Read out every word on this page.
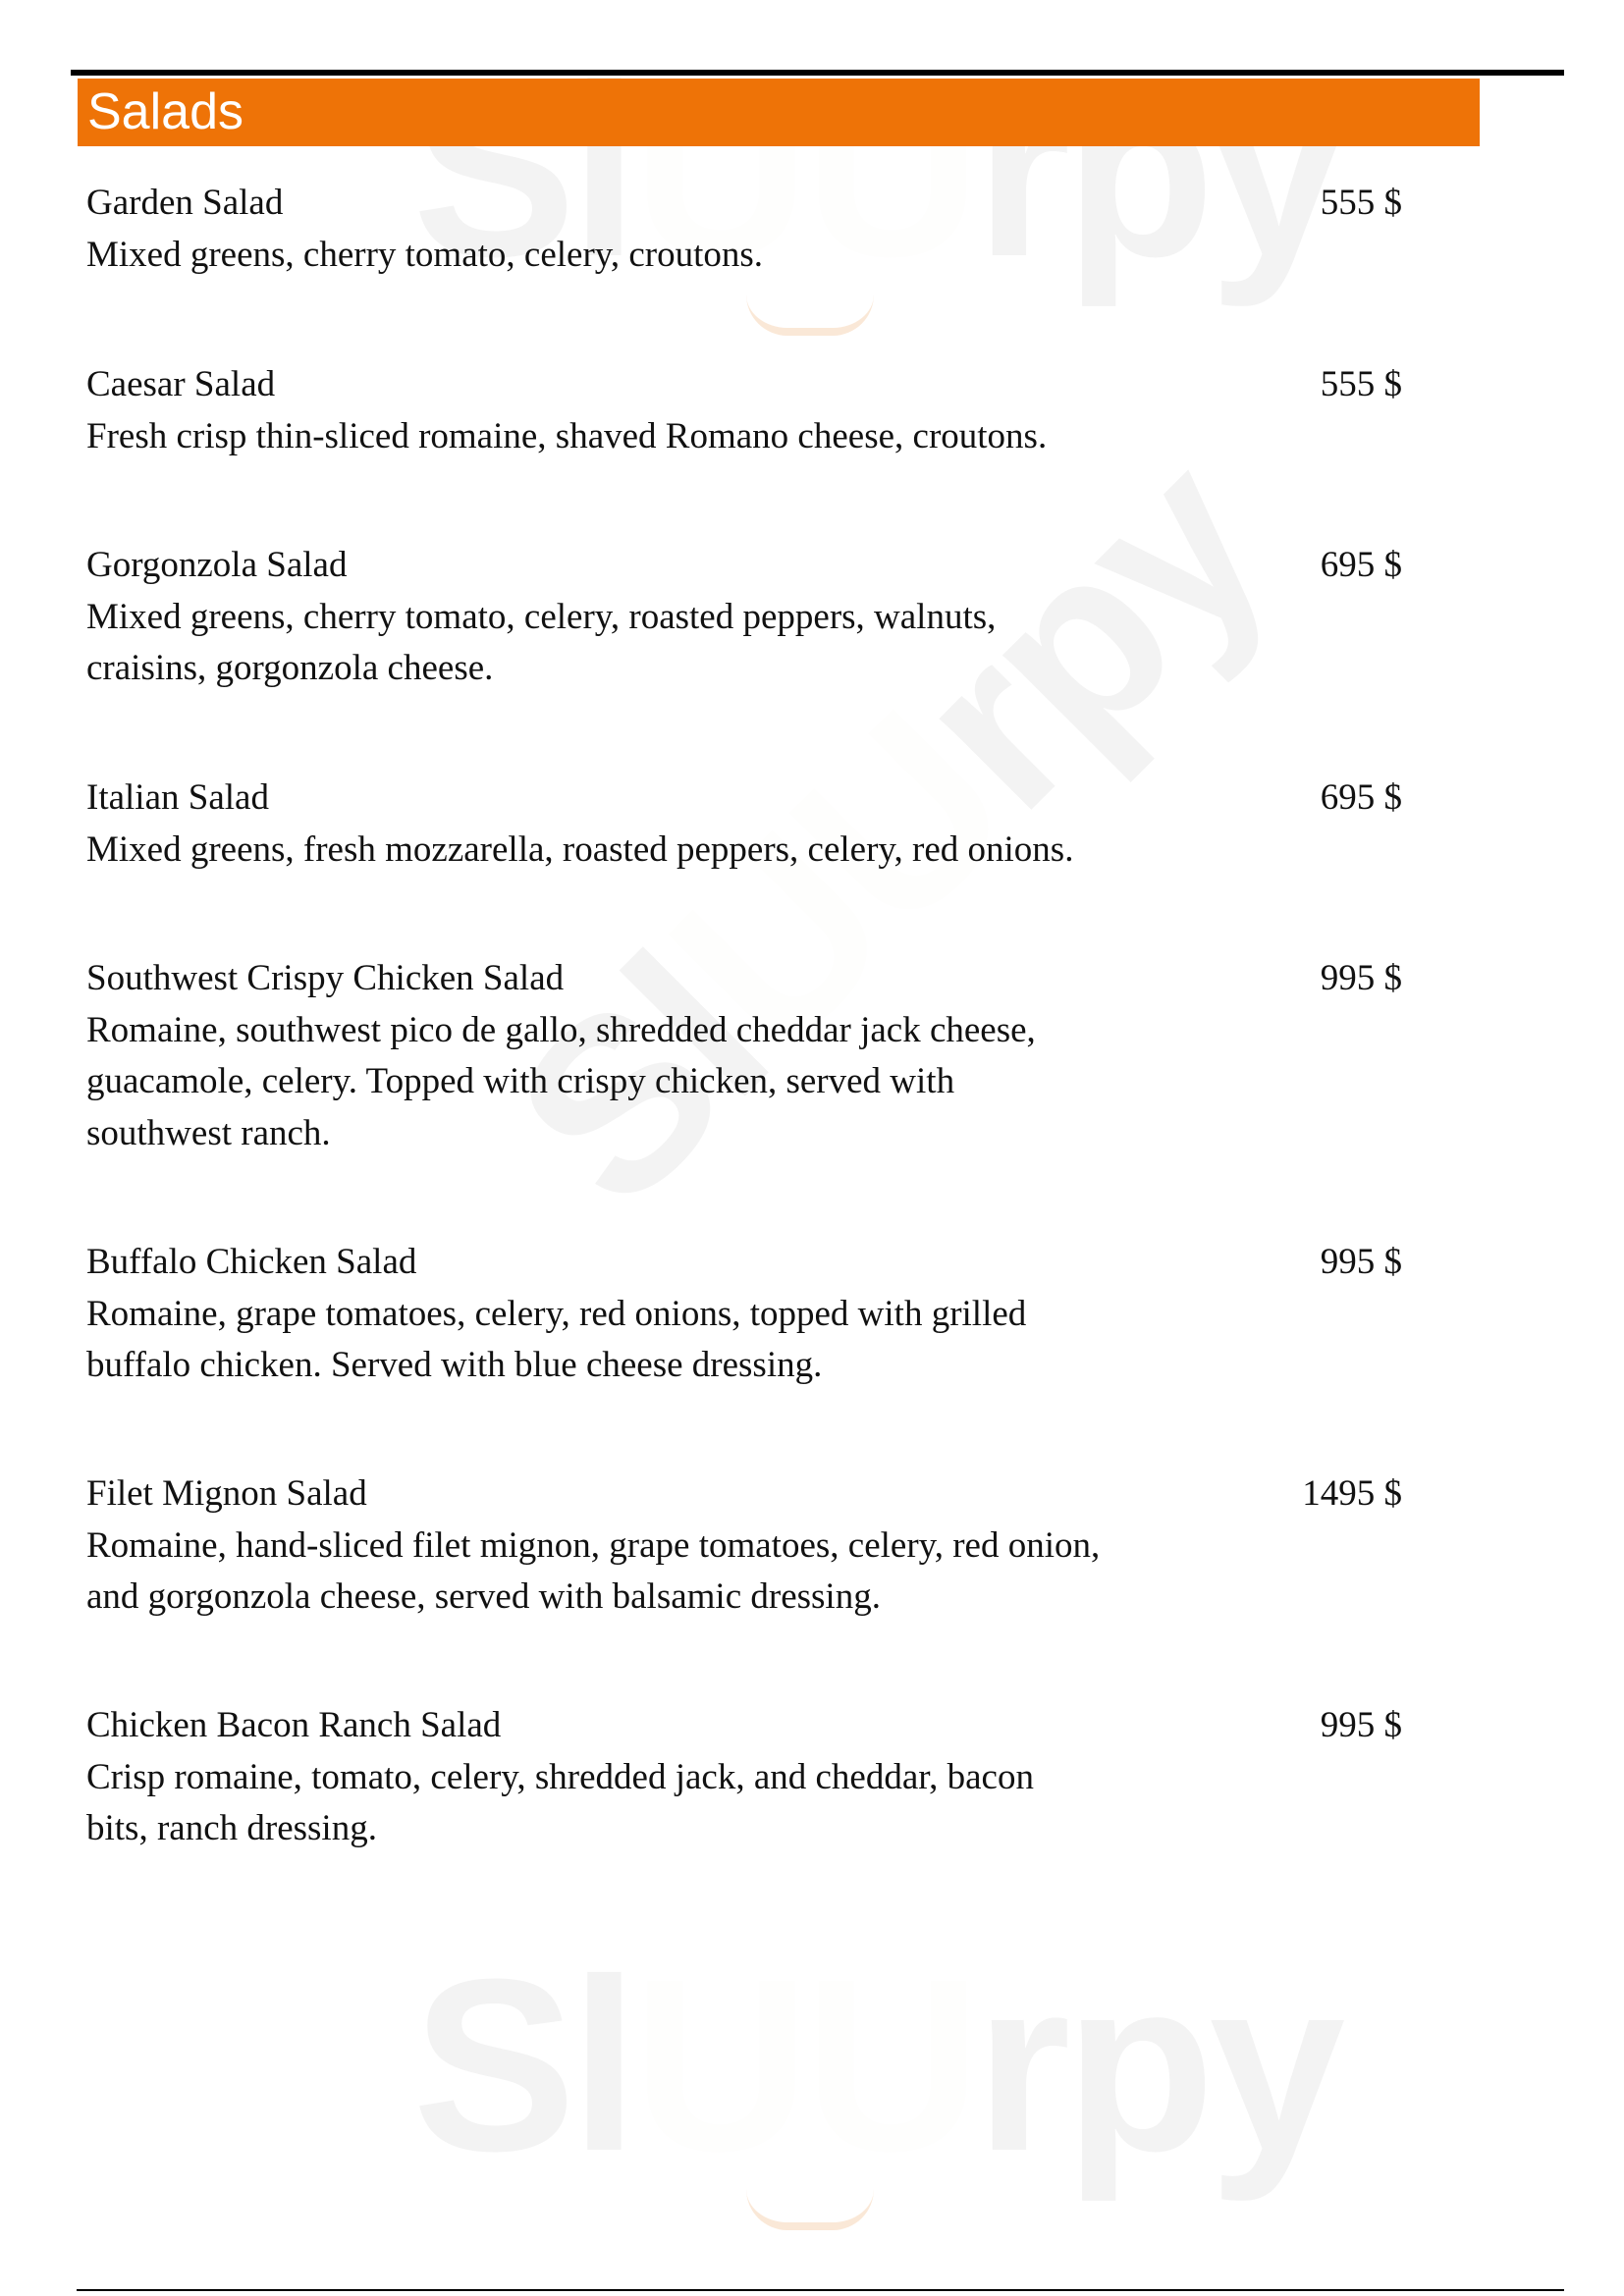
Salads
Garden Salad	555 $
Mixed greens, cherry tomato, celery, croutons.
Caesar Salad	555 $
Fresh crisp thin-sliced romaine, shaved Romano cheese, croutons.
Gorgonzola Salad	695 $
Mixed greens, cherry tomato, celery, roasted peppers, walnuts,
craisins, gorgonzola cheese.
Italian Salad	695 $
Mixed greens, fresh mozzarella, roasted peppers, celery, red onions.
Southwest Crispy Chicken Salad	995 $
Romaine, southwest pico de gallo, shredded cheddar jack cheese,
guacamole, celery. Topped with crispy chicken, served with
southwest ranch.
Buffalo Chicken Salad	995 $
Romaine, grape tomatoes, celery, red onions, topped with grilled
buffalo chicken. Served with blue cheese dressing.
Filet Mignon Salad	1495 $
Romaine, hand-sliced filet mignon, grape tomatoes, celery, red onion,
and gorgonzola cheese, served with balsamic dressing.
Chicken Bacon Ranch Salad	995 $
Crisp romaine, tomato, celery, shredded jack, and cheddar, bacon
bits, ranch dressing.
